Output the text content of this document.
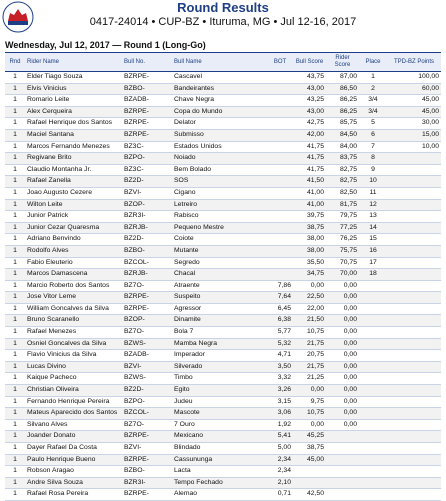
Round Results
0417-24014 • CUP-BZ • Ituruma, MG • Jul 12-16, 2017
Wednesday, Jul 12, 2017 — Round 1 (Long-Go)
Rnd	Rider Name	Bull No.	Bull Name	BOT	Bull Score	Rider Score	Place	TPD-BZ Points
1	Elder Tiago Souza	BZRPE-	Cascavel		43,75	87,00	1	100,00
1	Elvis Vinicius	BZBO-	Bandeirantes		43,00	86,50	2	60,00
1	Romario Leite	BZADB-	Chave Negra		43,25	86,25	3/4	45,00
1	Alex Cerqueira	BZRPE-	Copa do Mundo		43,00	86,25	3/4	45,00
1	Rafael Henrique dos Santos	BZRPE-	Delator		42,75	85,75	5	30,00
1	Maciel Santana	BZRPE-	Submisso		42,00	84,50	6	15,00
1	Marcos Fernando Menezes	BZ3C-	Estados Unidos		41,75	84,00	7	10,00
1	Regivane Brito	BZPO-	Noiado		41,75	83,75	8	
1	Claudio Montanha Jr.	BZ3C-	Bem Bolado		41,75	82,75	9	
1	Rafael Zanella	BZ2D-	SOS		41,50	82,75	10	
1	Joao Augusto Cezere	BZVI-	Cigano		41,00	82,50	11	
1	Wilton Leite	BZOP-	Letreiro		41,00	81,75	12	
1	Junior Patrick	BZR3I-	Rabisco		39,75	79,75	13	
1	Junior Cezar Quaresma	BZRJB-	Pequeno Mestre		38,75	77,25	14	
1	Adriano Benvindo	BZ2D-	Coiote		38,00	76,25	15	
1	Rodolfo Alves	BZBO-	Mutante		38,00	75,75	16	
1	Fabio Eleuterio	BZCOL-	Segredo		35,50	70,75	17	
1	Marcos Damascena	BZRJB-	Chacal		34,75	70,00	18	
1	Marcio Roberto dos Santos	BZ7O-	Atraente	7,86	0,00	0,00		
1	Jose Vitor Leme	BZRPE-	Suspeito	7,64	22,50	0,00		
1	William Goncalves da Silva	BZRPE-	Agressor	6,45	22,00	0,00		
1	Bruno Scaranello	BZOP-	Dinamite	6,38	21,50	0,00		
1	Rafael Menezes	BZ7O-	Bola 7	5,77	10,75	0,00		
1	Osniel Goncalves da Silva	BZWS-	Mamba Negra	5,32	21,75	0,00		
1	Flavio Vinicius da Silva	BZADB-	Imperador	4,71	20,75	0,00		
1	Lucas Divino	BZVI-	Silverado	3,50	21,75	0,00		
1	Kaique Pacheco	BZWS-	Timbo	3,32	21,25	0,00		
1	Christian Oliveira	BZ2D-	Egito	3,26	0,00	0,00		
1	Fernando Henrique Pereira	BZPO-	Judeu	3,15	9,75	0,00		
1	Mateus Aparecido dos Santos	BZCOL-	Mascote	3,06	10,75	0,00		
1	Silvano Alves	BZ7O-	7 Ouro	1,92	0,00	0,00		
1	Joander Donato	BZRPE-	Mexicano	5,41	45,25			
1	Dayer Rafael Da Costa	BZVI-	Blindado	5,00	38,75			
1	Paulo Henrique Bueno	BZRPE-	Cassununga	2,34	45,00			
1	Robson Aragao	BZBO-	Lacta	2,34				
1	Andre Silva Souza	BZR3I-	Tempo Fechado	2,10				
1	Rafael Rosa Pereira	BZRPE-	Alemao	0,71	42,50			
